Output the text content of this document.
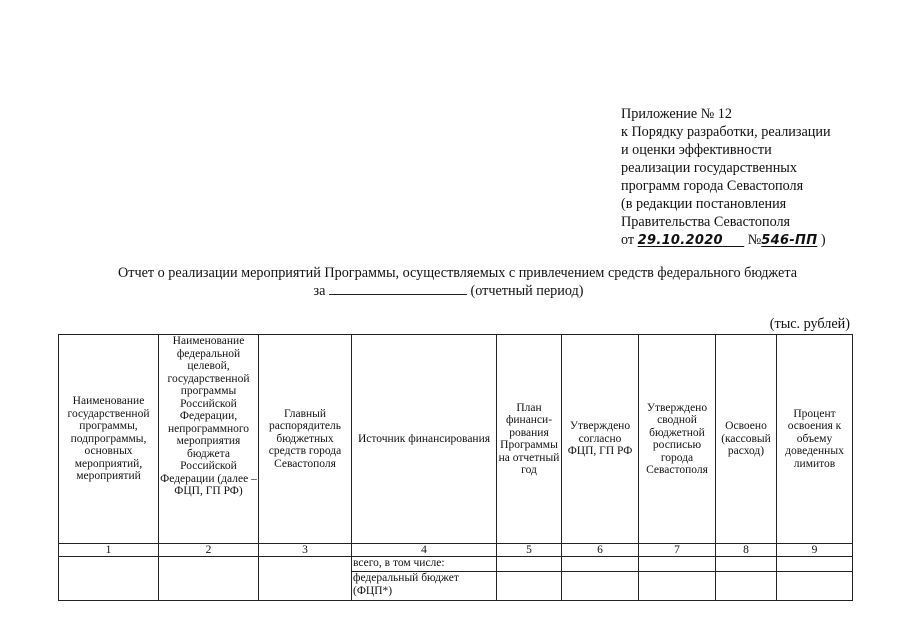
Приложение № 12
к Порядку разработки, реализации
и оценки эффективности
реализации государственных
программ города Севастополя
(в редакции постановления
Правительства Севастополя
от 29.10.2020 №546-ПП )
Отчет о реализации мероприятий Программы, осуществляемых с привлечением средств федерального бюджета
за	(отчетный период)
(тыс. рублей)
Наименование государственной программы, подпрограммы, основных мероприятий, мероприятий	Наименование федеральной целевой, государственной программы Российской Федерации, непрограммного мероприятия бюджета Российской Федерации (далее – ФЦП, ГП РФ)	Главный распорядитель бюджетных средств города Севастополя	Источник финансирования	План финанси- рования Программы на отчетный год	Утверждено согласно ФЦП, ГП РФ	Утверждено сводной бюджетной росписью города Севастополя	Освоено (кассовый расход)	Процент освоения к объему доведенных лимитов
1	2	3	4	5	6	7	8	9
			всего, в том числе:					
			федеральный бюджет (ФЦП*)					
